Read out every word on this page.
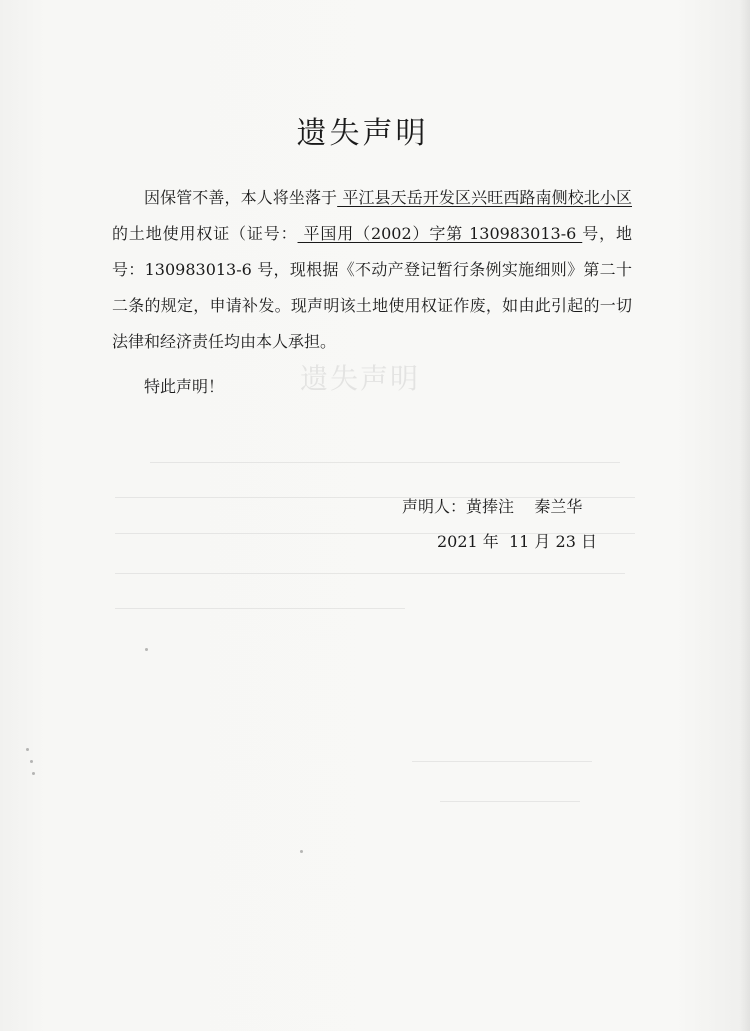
遗失声明
遗失声明

因保管不善，本人将坐落于 平江县天岳开发区兴旺西路南侧校北小区的土地使用权证（证号： 平国用（2002）字第 130983013-6 号，地号：130983013-6 号，现根据《不动产登记暂行条例实施细则》第二十二条的规定，申请补发。现声明该土地使用权证作废，如由此引起的一切法律和经济责任均由本人承担。

特此声明！

声明人：黄捧注    秦兰华
2021 年  11 月 23 日
